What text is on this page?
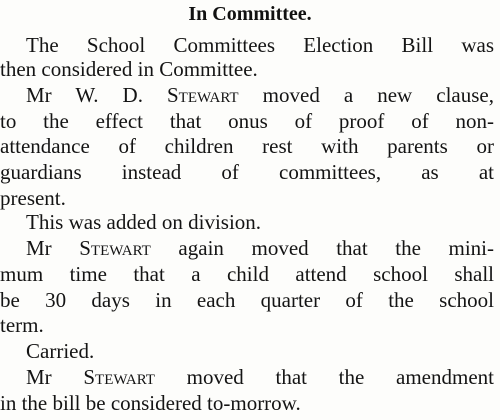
In Committee.
The School Committees Election Bill was
then considered in Committee.
Mr W. D. Stewart moved a new clause,
to the effect that onus of proof of non-
attendance of children rest with parents or
guardians instead of committees, as at
present.
This was added on division.
Mr Stewart again moved that the mini-
mum time that a child attend school shall
be 30 days in each quarter of the school
term.
Carried.
Mr Stewart moved that the amendment
in the bill be considered to-morrow.
